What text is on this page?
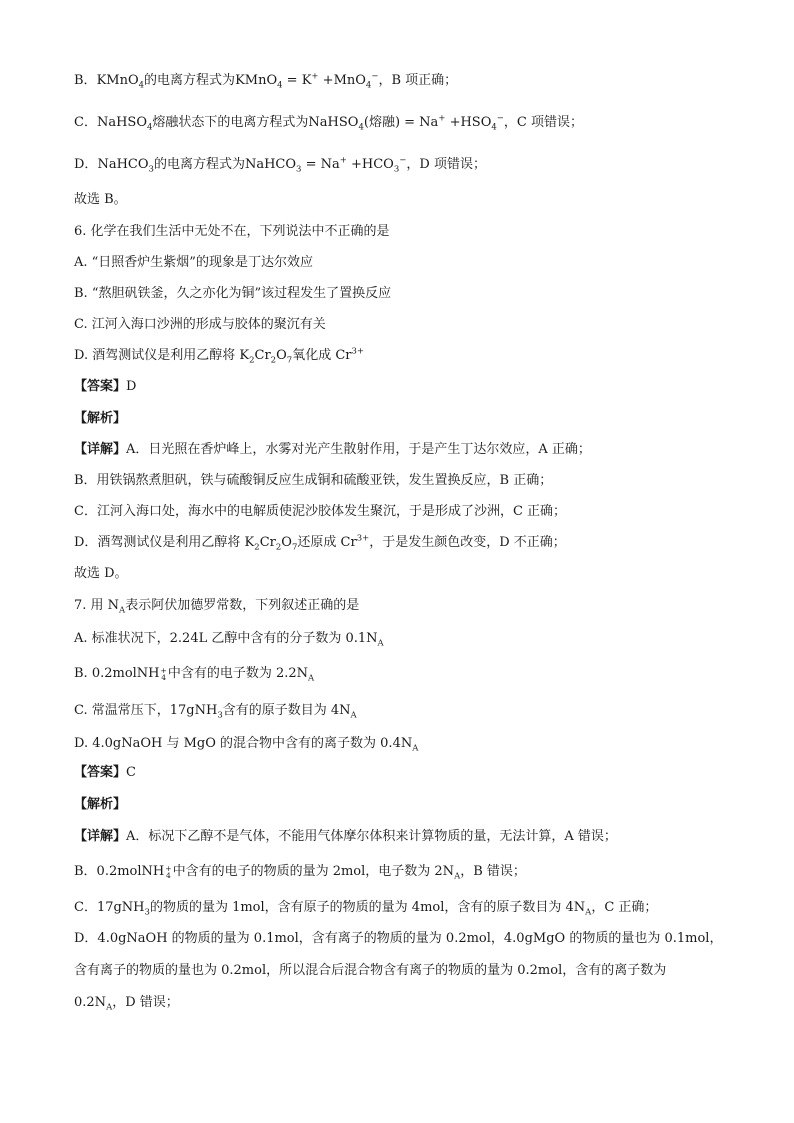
B．KMnO$_4$的电离方程式为KMnO$_4$ = K+ +MnO$_4$−，B 项正确；
C．NaHSO$_4$熔融状态下的电离方程式为NaHSO$_4$(熔融) = $Na^+ +HSO_4^-$，C 项错误；
D．NaHCO$_3$的电离方程式为NaHCO$_3$ = $Na^+ +HCO_3^-$，D 项错误；
故选 B。
6. 化学在我们生活中无处不在，下列说法中不正确的是
A. “日照香炉生紫烟”的现象是丁达尔效应
B. “熬胆矾铁釜，久之亦化为铜”该过程发生了置换反应
C. 江河入海口沙洲的形成与胶体的聚沉有关
D. 酒驾测试仪是利用乙醇将 $K_2Cr_2O_7$氧化成 $Cr^{3+}$
【答案】D
【解析】
【详解】A．日光照在香炉峰上，水雾对光产生散射作用，于是产生丁达尔效应，A 正确；
B．用铁锅熬煮胆矾，铁与硫酸铜反应生成铜和硫酸亚铁，发生置换反应，B 正确；
C．江河入海口处，海水中的电解质使泥沙胶体发生聚沉，于是形成了沙洲，C 正确；
D．酒驾测试仪是利用乙醇将 $K_2Cr_2O_7$还原成 $Cr^{3+}$，于是发生颜色改变，D 不正确；
故选 D。
7. 用 $N_A$表示阿伏加德罗常数，下列叙述正确的是
A. 标准状况下，2.24L 乙醇中含有的分子数为 $0.1N_A$
B. 0.2molNH +
4 中含有的电子数为 $2.2N_A$
C. 常温常压下，17gNH$_3$含有的原子数目为 $4N_A$
D. 4.0gNaOH 与 MgO 的混合物中含有的离子数为 $0.4N_A$
【答案】C
【解析】
【详解】A．标况下乙醇不是气体，不能用气体摩尔体积来计算物质的量，无法计算，A 错误；
B．0.2molNH +
4 中含有的电子的物质的量为 2mol，电子数为 $2N_A$，B 错误；
C．17gNH$_3$的物质的量为 1mol，含有原子的物质的量为 4mol，含有的原子数目为 $4N_A$，C 正确；
D．4.0gNaOH 的物质的量为 0.1mol，含有离子的物质的量为 0.2mol，4.0gMgO 的物质的量也为 0.1mol，
含有离子的物质的量也为 0.2mol，所以混合后混合物含有离子的物质的量为 0.2mol，含有的离子数为
$0.2N_A$，D 错误；
